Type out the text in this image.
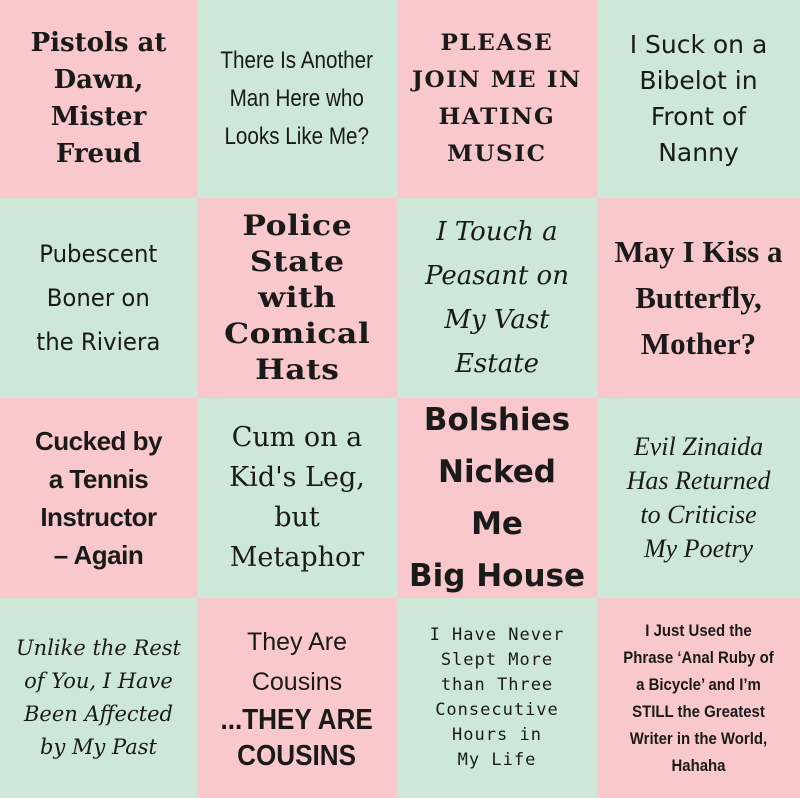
Pistols at
Dawn,
Mister
Freud
There Is Another
Man Here who
Looks Like Me?
PLEASE
JOIN ME IN
HATING
MUSIC
I Suck on a
Bibelot in
Front of
Nanny
Pubescent
Boner on
the Riviera
Police
State
with
Comical
Hats
I Touch a
Peasant on
My Vast
Estate
May I Kiss a
Butterfly,
Mother?
Cucked by
a Tennis
Instructor
– Again
Cum on a
Kid's Leg,
but
Metaphor
Bolshies
Nicked Me
Big House
Evil Zinaida
Has Returned
to Criticise
My Poetry
Unlike the Rest
of You, I Have
Been Affected
by My Past
They Are
Cousins
...THEY ARE
COUSINS
I Have Never
Slept More
than Three
Consecutive
Hours in
My Life
I Just Used the
Phrase ‘Anal Ruby of
a Bicycle’ and I’m
STILL the Greatest
Writer in the World,
Hahaha
